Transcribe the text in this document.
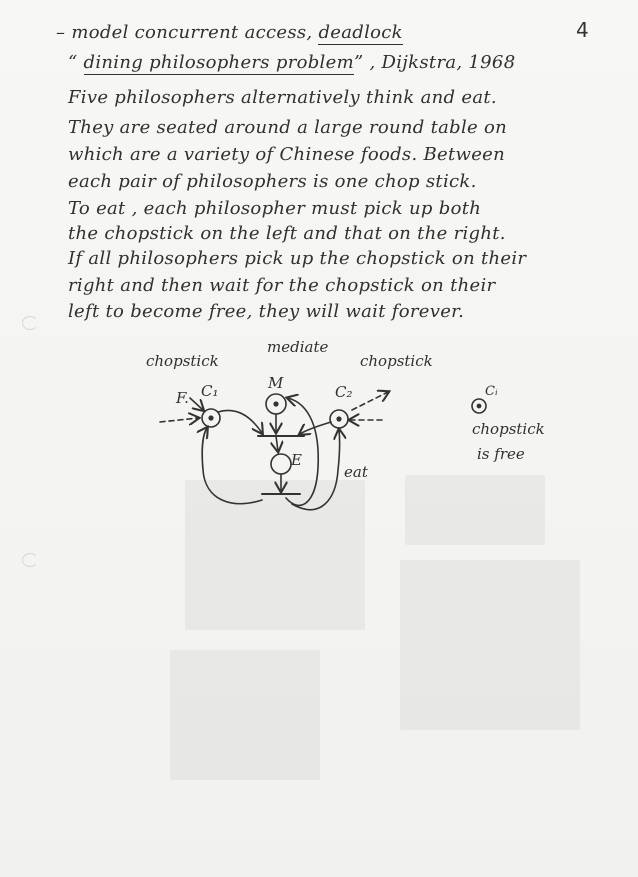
4
– model concurrent access, deadlock
“ dining philosophers problem” , Dijkstra, 1968
Five philosophers alternatively think and eat.
They are seated around a large round table on
which are a variety of Chinese foods. Between
each pair of philosophers is one chop stick.
To eat , each philosopher must pick up both
the chopstick on the left and that on the right.
If all philosophers pick up the chopstick on their
right and then wait for the chopstick on their
left to become free, they will wait forever.
chopstick
mediate
chopstick
F. C₁	M	C₂
E
eat
Cᵢ
chopstick
is free
